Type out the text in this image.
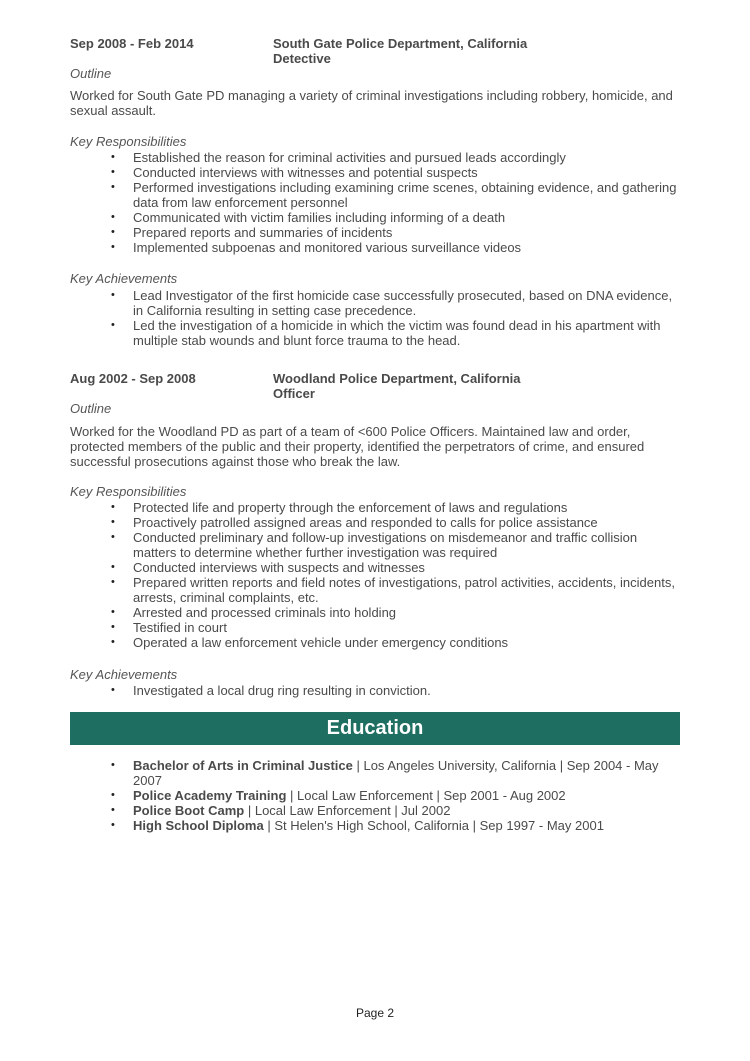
Sep 2008 - Feb 2014	South Gate Police Department, California
Detective
Outline
Worked for South Gate PD managing a variety of criminal investigations including robbery, homicide, and sexual assault.
Key Responsibilities
• Established the reason for criminal activities and pursued leads accordingly
• Conducted interviews with witnesses and potential suspects
• Performed investigations including examining crime scenes, obtaining evidence, and gathering data from law enforcement personnel
• Communicated with victim families including informing of a death
• Prepared reports and summaries of incidents
• Implemented subpoenas and monitored various surveillance videos
Key Achievements
• Lead Investigator of the first homicide case successfully prosecuted, based on DNA evidence, in California resulting in setting case precedence.
• Led the investigation of a homicide in which the victim was found dead in his apartment with multiple stab wounds and blunt force trauma to the head.
Aug 2002 - Sep 2008	Woodland Police Department, California
Officer
Outline
Worked for the Woodland PD as part of a team of <600 Police Officers. Maintained law and order, protected members of the public and their property, identified the perpetrators of crime, and ensured successful prosecutions against those who break the law.
Key Responsibilities
• Protected life and property through the enforcement of laws and regulations
• Proactively patrolled assigned areas and responded to calls for police assistance
• Conducted preliminary and follow-up investigations on misdemeanor and traffic collision matters to determine whether further investigation was required
• Conducted interviews with suspects and witnesses
• Prepared written reports and field notes of investigations, patrol activities, accidents, incidents, arrests, criminal complaints, etc.
• Arrested and processed criminals into holding
• Testified in court
• Operated a law enforcement vehicle under emergency conditions
Key Achievements
• Investigated a local drug ring resulting in conviction.
Education
• Bachelor of Arts in Criminal Justice | Los Angeles University, California | Sep 2004 - May 2007
• Police Academy Training | Local Law Enforcement | Sep 2001 - Aug 2002
• Police Boot Camp | Local Law Enforcement | Jul 2002
• High School Diploma | St Helen's High School, California | Sep 1997 - May 2001
Page 2
